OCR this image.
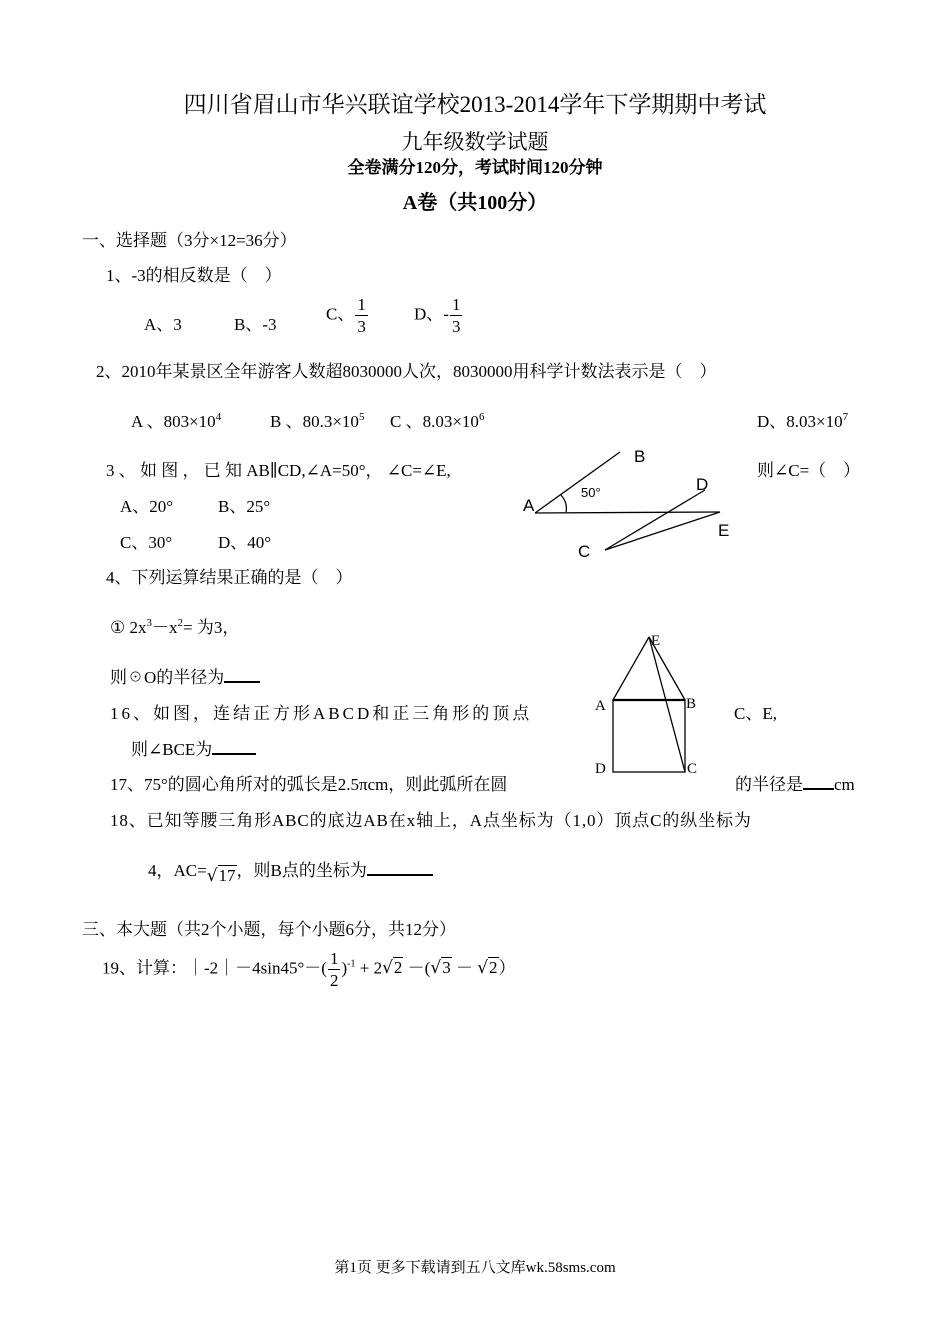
四川省眉山市华兴联谊学校2013-2014学年下学期期中考试
九年级数学试题
全卷满分120分，考试时间120分钟
A卷（共100分）
一、选择题（3分×12=36分）
1、-3的相反数是（　）
A、3	B、-3
C、 $\frac{1}{3}$	D、- $\frac{1}{3}$
2、2010年某景区全年游客人数超8030000人次，8030000用科学计数法表示是（　）
A 、$803\times 10^4$	B 、$80.3\times 10^5$ C 、$8.03\times 10^6$	D、$8.03\times 10^7$
3 、 如 图 ， 已 知 AB∥CD,∠A=50°， ∠C=∠E,	则∠C=（　）
A、20°	B、25°
C、30°	D、40°
A
B
C
D
E
50°
4、下列运算结果正确的是（　）
① $2x^3-x^2=$ 为3，
则☉O的半径为
16、如图，连结正方形ABCD和正三角形的顶点	C、E,
则∠BCE为
E
A	B
D	C
17、75°的圆心角所对的弧长是2.5πcm，则此弧所在圆	的半径是 cm
18、已知等腰三角形ABC的底边AB在x轴上，A点坐标为（1,0）顶点C的纵坐标为
4，AC=√17，则B点的坐标为
三、本大题（共2个小题，每个小题6分，共12分）
19、计算：｜-2｜－4sin45°－( $\frac{1}{2} )^{-1} + 2√2 -(√3 - √2)$
第1页 更多下载请到五八文库wk.58sms.com
